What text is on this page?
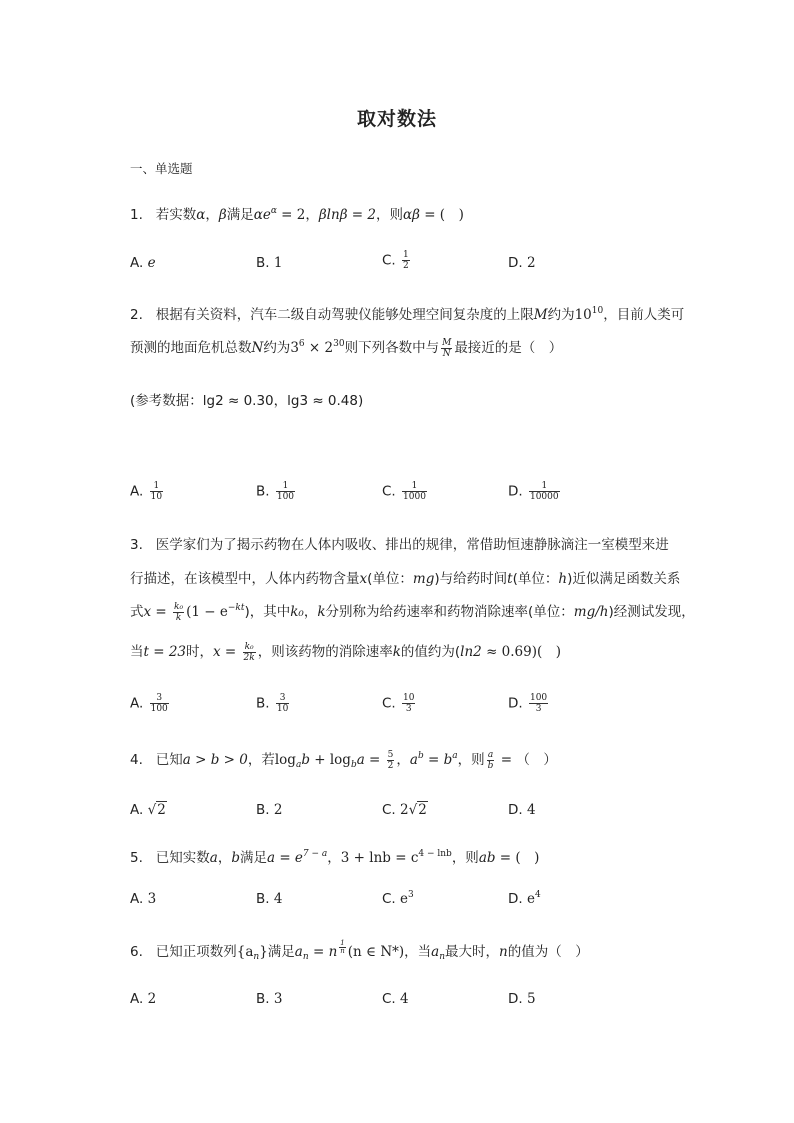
取对数法
一、单选题
1. 若实数α，β满足$\alpha e^\alpha = 2$，βlnβ = 2，则αβ = (　)
A. e	B. 1	C. $\frac{1}{2}$	D. 2
2. 根据有关资料，汽车二级自动驾驶仪能够处理空间复杂度的上限M约为$10^{10}$，目前人类可
预测的地面危机总数N约为$3^6 \times 2^{30}$则下列各数中与 $\frac{M}{N}$ 最接近的是（　）
(参考数据：lg2 ≈ 0.30，lg3 ≈ 0.48)
A. $\frac{1}{10}$	B. $\frac{1}{100}$	C. $\frac{1}{1000}$	D. $\frac{1}{10000}$
3. 医学家们为了揭示药物在人体内吸收、排出的规律，常借助恒速静脉滴注一室模型来进
行描述，在该模型中，人体内药物含量x(单位：mg)与给药时间t(单位：h)近似满足函数关系
式$x = \frac{\text{k₀}}{k} (1 - e^{-kt})$，其中k₀，k分别称为给药速率和药物消除速率(单位：mg/h)经测试发现，
当t = 23时，$x = \frac{\text{k₀}}{2k}$ ，则该药物的消除速率k的值约为(ln2 ≈ 0.69)(　)
A. $\frac{3}{100}$	B. $\frac{3}{10}$	C. $\frac{10}{3}$	D. $\frac{100}{3}$
4. 已知a > b > 0，若$\log_ab + \log_ba = \frac{5}{2}$ ，$a^b = b^a$，则 $\frac{a}{b}$ = （　）
A. √2	B. 2	C. 2√2	D. 4
5. 已知实数a，b满足$a = e^{7 - a}$，$3 + \ln b = c^{4 - lnb}$，则ab = (　)
A. 3	B. 4	C. $e^3$	D. $e^4$
6. 已知正项数列$\{a_n\}$满足$a_n = n$ $^{\frac{1}{n}}$ (n ∈ N*)，当$a_n$最大时，n的值为（　）
A. 2	B. 3	C. 4	D. 5
